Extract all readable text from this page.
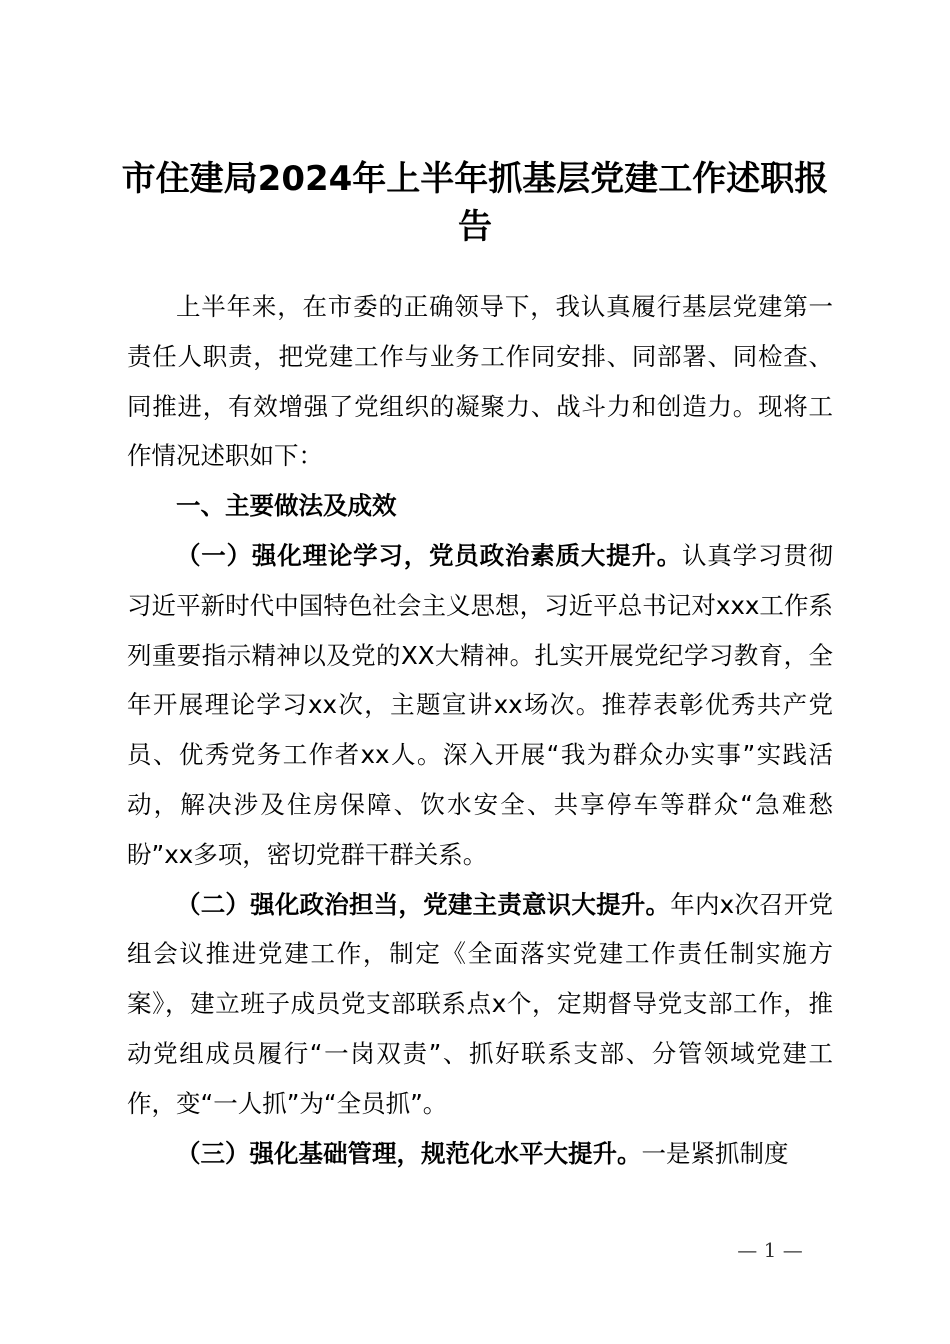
市住建局2024年上半年抓基层党建工作述职报告

上半年来，在市委的正确领导下，我认真履行基层党建第一责任人职责，把党建工作与业务工作同安排、同部署、同检查、同推进，有效增强了党组织的凝聚力、战斗力和创造力。现将工作情况述职如下：

一、主要做法及成效

（一）强化理论学习，党员政治素质大提升。认真学习贯彻习近平新时代中国特色社会主义思想，习近平总书记对xxx工作系列重要指示精神以及党的XX大精神。扎实开展党纪学习教育，全年开展理论学习xx次，主题宣讲xx场次。推荐表彰优秀共产党员、优秀党务工作者xx人。深入开展“我为群众办实事”实践活动，解决涉及住房保障、饮水安全、共享停车等群众“急难愁盼”xx多项，密切党群干群关系。

（二）强化政治担当，党建主责意识大提升。年内x次召开党组会议推进党建工作，制定《全面落实党建工作责任制实施方案》，建立班子成员党支部联系点x个，定期督导党支部工作，推动党组成员履行“一岗双责”、抓好联系支部、分管领域党建工作，变“一人抓”为“全员抓”。

（三）强化基础管理，规范化水平大提升。一是紧抓制度

— 1 —
